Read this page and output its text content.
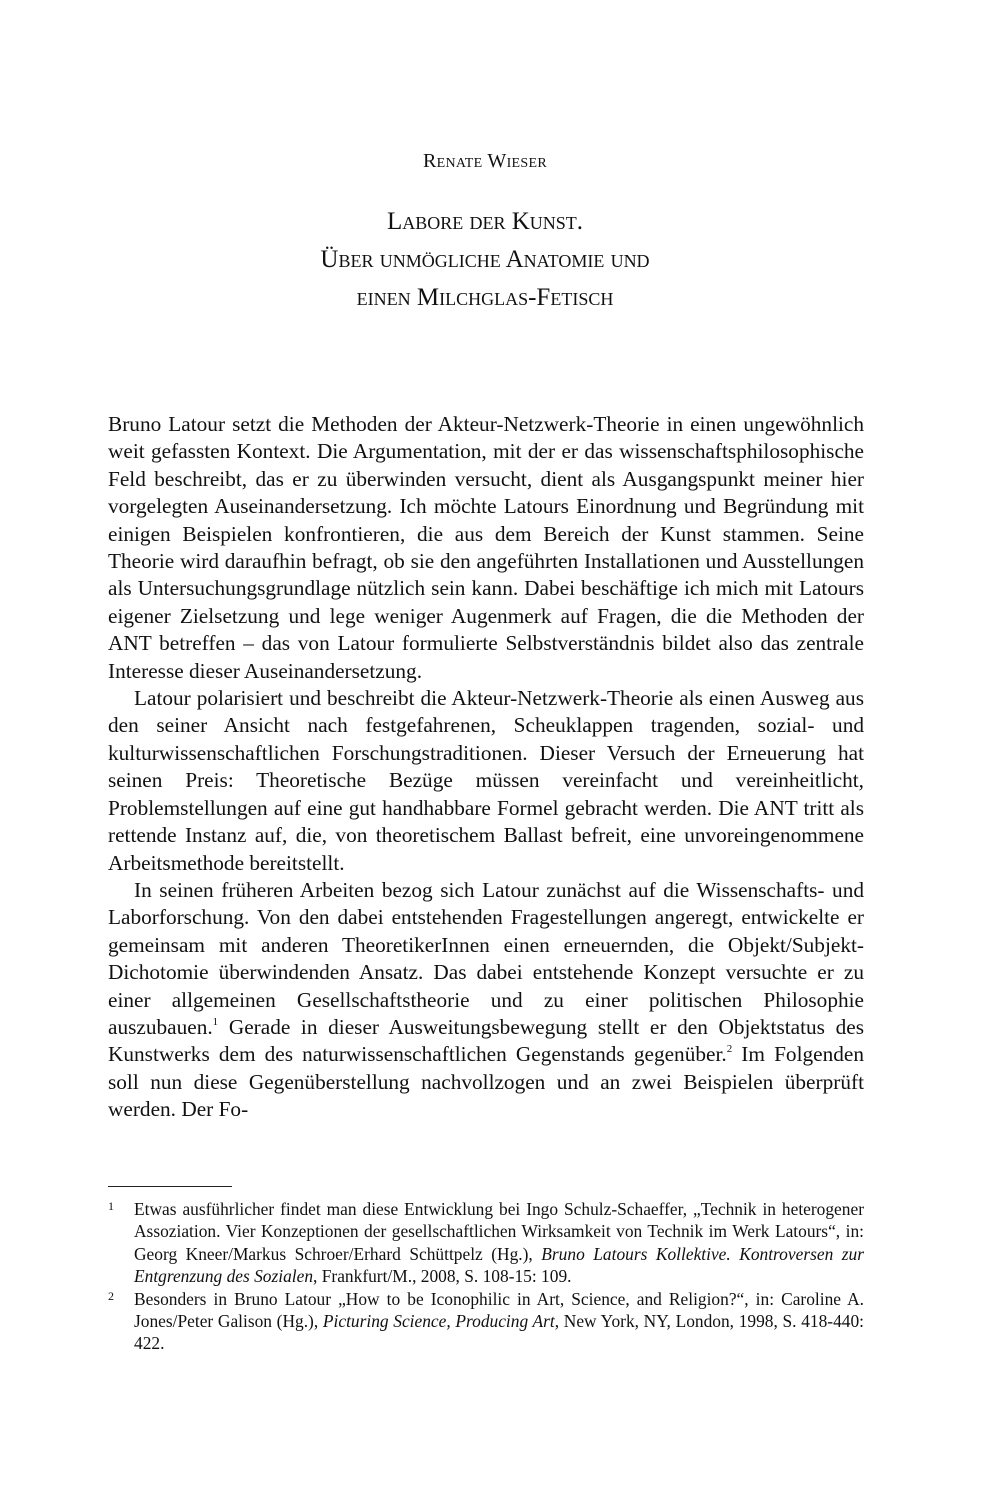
Renate Wieser
Labore der Kunst.
Über unmögliche Anatomie und
einen Milchglas-Fetisch

Bruno Latour setzt die Methoden der Akteur-Netzwerk-Theorie in einen ungewöhnlich weit gefassten Kontext. Die Argumentation, mit der er das wissenschaftsphilosophische Feld beschreibt, das er zu überwinden versucht, dient als Ausgangspunkt meiner hier vorgelegten Auseinandersetzung. Ich möchte Latours Einordnung und Begründung mit einigen Beispielen konfrontieren, die aus dem Bereich der Kunst stammen. Seine Theorie wird daraufhin befragt, ob sie den angeführten Installationen und Ausstellungen als Untersuchungsgrundlage nützlich sein kann. Dabei beschäftige ich mich mit Latours eigener Zielsetzung und lege weniger Augenmerk auf Fragen, die die Methoden der ANT betreffen – das von Latour formulierte Selbstverständnis bildet also das zentrale Interesse dieser Auseinandersetzung.

Latour polarisiert und beschreibt die Akteur-Netzwerk-Theorie als einen Ausweg aus den seiner Ansicht nach festgefahrenen, Scheuklappen tragenden, sozial- und kulturwissenschaftlichen Forschungstraditionen. Dieser Versuch der Erneuerung hat seinen Preis: Theoretische Bezüge müssen vereinfacht und vereinheitlicht, Problemstellungen auf eine gut handhabbare Formel gebracht werden. Die ANT tritt als rettende Instanz auf, die, von theoretischem Ballast befreit, eine unvoreingenommene Arbeitsmethode bereitstellt.

In seinen früheren Arbeiten bezog sich Latour zunächst auf die Wissenschafts- und Laborforschung. Von den dabei entstehenden Fragestellungen angeregt, entwickelte er gemeinsam mit anderen TheoretikerInnen einen erneuernden, die Objekt/Subjekt-Dichotomie überwindenden Ansatz. Das dabei entstehende Konzept versuchte er zu einer allgemeinen Gesellschaftstheorie und zu einer politischen Philosophie auszubauen.$^1$ Gerade in dieser Ausweitungsbewegung stellt er den Objektstatus des Kunstwerks dem des naturwissenschaftlichen Gegenstands gegenüber.$^2$ Im Folgenden soll nun diese Gegenüberstellung nachvollzogen und an zwei Beispielen überprüft werden. Der Fo-

1 Etwas ausführlicher findet man diese Entwicklung bei Ingo Schulz-Schaeffer, „Technik in heterogener Assoziation. Vier Konzeptionen der gesellschaftlichen Wirksamkeit von Technik im Werk Latours“, in: Georg Kneer/Markus Schroer/Erhard Schüttpelz (Hg.), Bruno Latours Kollektive. Kontroversen zur Entgrenzung des Sozialen, Frankfurt/M., 2008, S. 108-15: 109.
2 Besonders in Bruno Latour „How to be Iconophilic in Art, Science, and Religion?“, in: Caroline A. Jones/Peter Galison (Hg.), Picturing Science, Producing Art, New York, NY, London, 1998, S. 418-440: 422.
